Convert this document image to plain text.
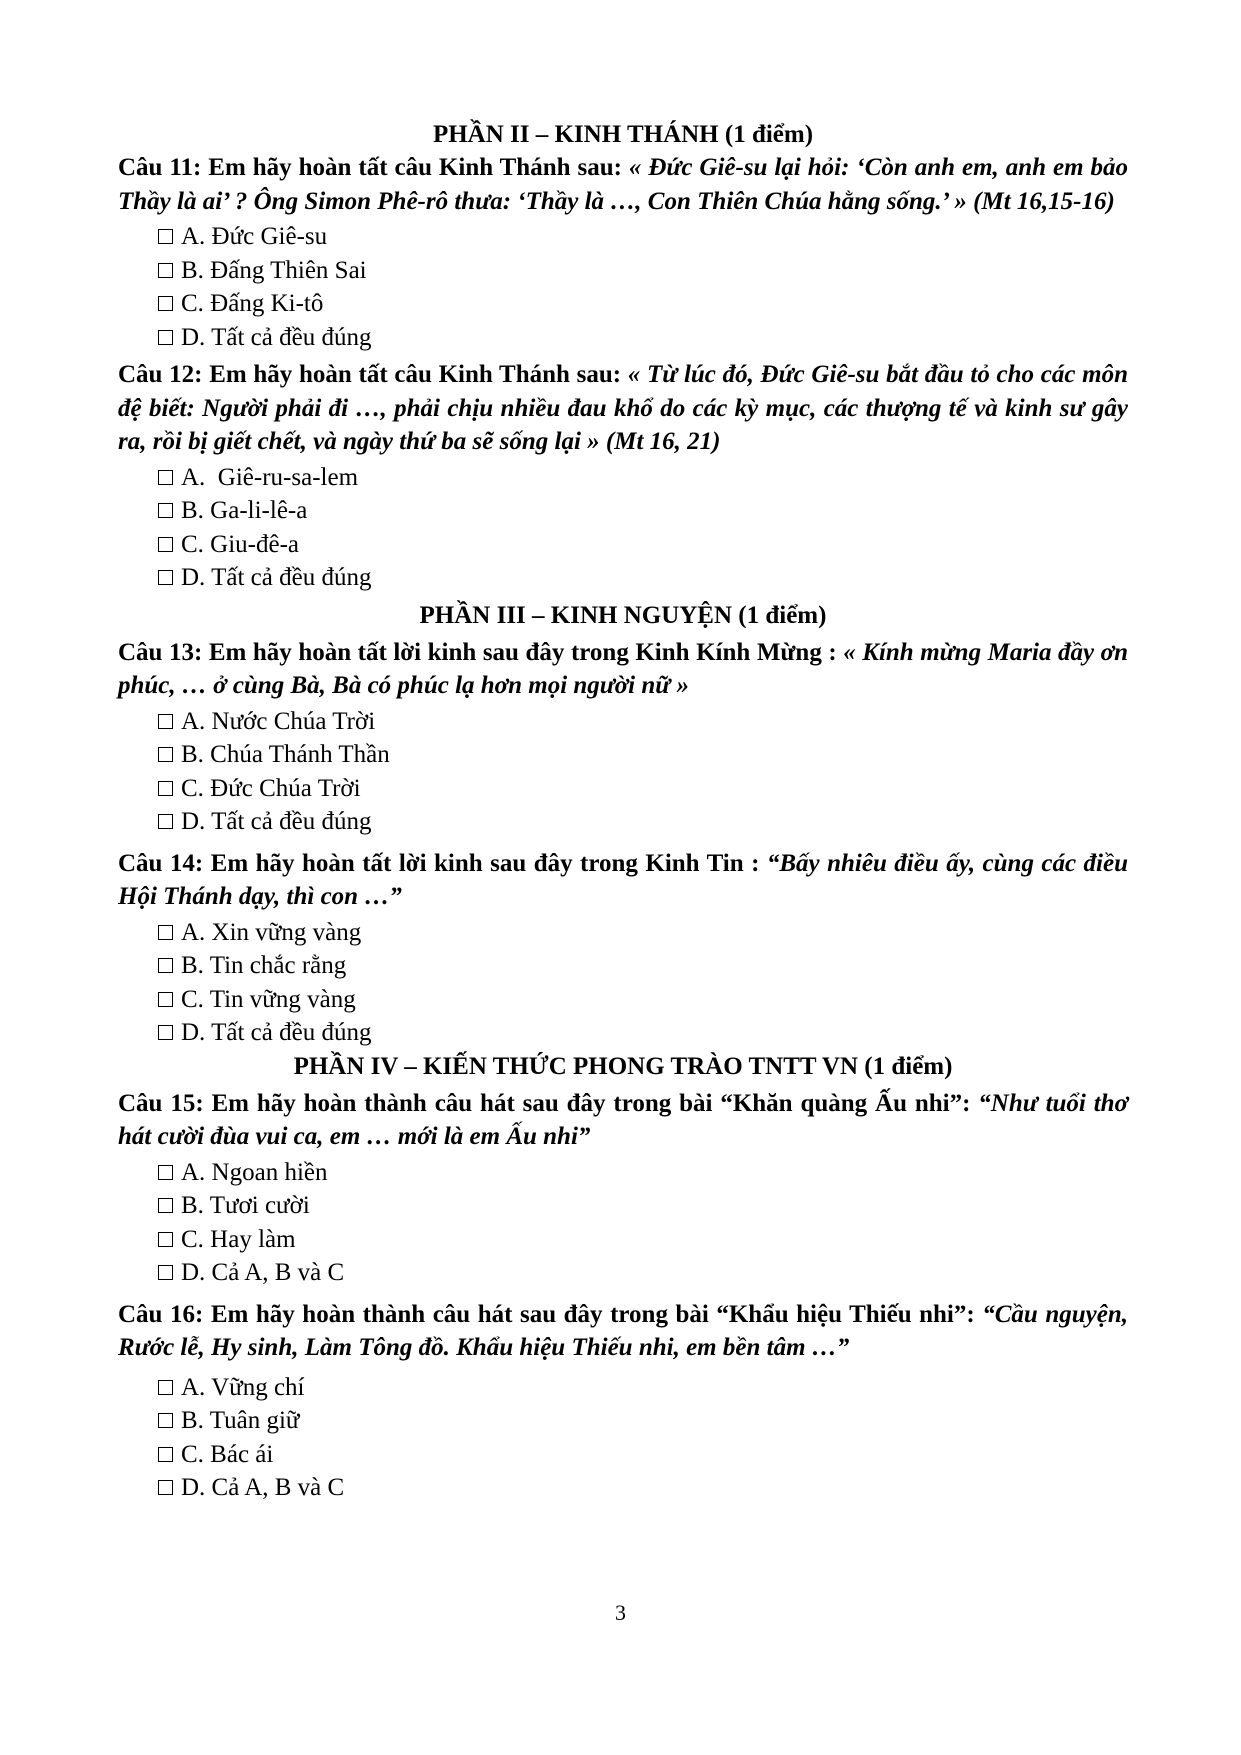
PHẦN II – KINH THÁNH (1 điểm)

Câu 11: Em hãy hoàn tất câu Kinh Thánh sau: « Đức Giê-su lại hỏi: ‘Còn anh em, anh em bảo Thầy là ai’ ? Ông Simon Phê-rô thưa: ‘Thầy là …, Con Thiên Chúa hằng sống.’ » (Mt 16,15-16)

A. Đức Giê-su
B. Đấng Thiên Sai
C. Đấng Ki-tô
D. Tất cả đều đúng

Câu 12: Em hãy hoàn tất câu Kinh Thánh sau: « Từ lúc đó, Đức Giê-su bắt đầu tỏ cho các môn đệ biết: Người phải đi …, phải chịu nhiều đau khổ do các kỳ mục, các thượng tế và kinh sư gây ra, rồi bị giết chết, và ngày thứ ba sẽ sống lại » (Mt 16, 21)

A.  Giê-ru-sa-lem
B. Ga-li-lê-a
C. Giu-đê-a
D. Tất cả đều đúng

PHẦN III – KINH NGUYỆN (1 điểm)

Câu 13: Em hãy hoàn tất lời kinh sau đây trong Kinh Kính Mừng : « Kính mừng Maria đầy ơn phúc, … ở cùng Bà, Bà có phúc lạ hơn mọi người nữ »

A. Nước Chúa Trời
B. Chúa Thánh Thần
C. Đức Chúa Trời
D. Tất cả đều đúng

Câu 14: Em hãy hoàn tất lời kinh sau đây trong Kinh Tin : “Bấy nhiêu điều ấy, cùng các điều Hội Thánh dạy, thì con …”

A. Xin vững vàng
B. Tin chắc rằng
C. Tin vững vàng
D. Tất cả đều đúng

PHẦN IV – KIẾN THỨC PHONG TRÀO TNTT VN (1 điểm)

Câu 15: Em hãy hoàn thành câu hát sau đây trong bài “Khăn quàng Ấu nhi”: “Như tuổi thơ hát cười đùa vui ca, em … mới là em Ấu nhi”

A. Ngoan hiền
B. Tươi cười
C. Hay làm
D. Cả A, B và C

Câu 16: Em hãy hoàn thành câu hát sau đây trong bài “Khẩu hiệu Thiếu nhi”: “Cầu nguyện, Rước lễ, Hy sinh, Làm Tông đồ. Khẩu hiệu Thiếu nhi, em bền tâm …”

A. Vững chí
B. Tuân giữ
C. Bác ái
D. Cả A, B và C
3
